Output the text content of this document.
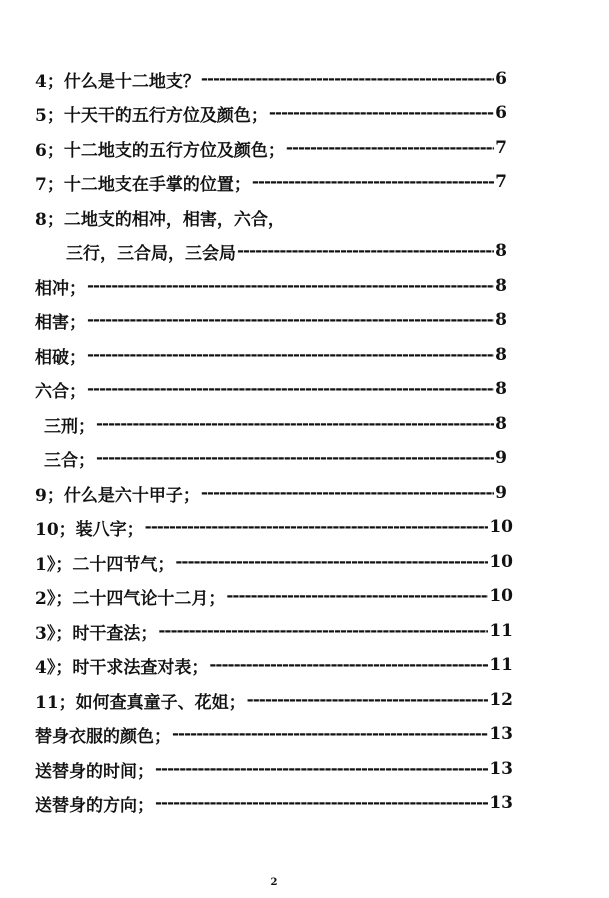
4；什么是十二地支？ -----	6
5；十天干的五行方位及颜色； -----	6
6；十二地支的五行方位及颜色； -----	7
7；十二地支在手掌的位置； -----	7
8；二地支的相冲，相害，六合，
三行，三合局，三会局 -----	8
相冲； -----	8
相害； -----	8
相破； -----	8
六合； -----	8
三刑； -----	8
三合； -----	9
9；什么是六十甲子； -----	9
10；装八字； -----	10
1》；二十四节气； -----	10
2》；二十四气论十二月； -----	10
3》；时干查法； -----	11
4》；时干求法查对表； -----	11
11；如何查真童子、花姐； -----	12
替身衣服的颜色； -----	13
送替身的时间； -----	13
送替身的方向； -----	13
2
